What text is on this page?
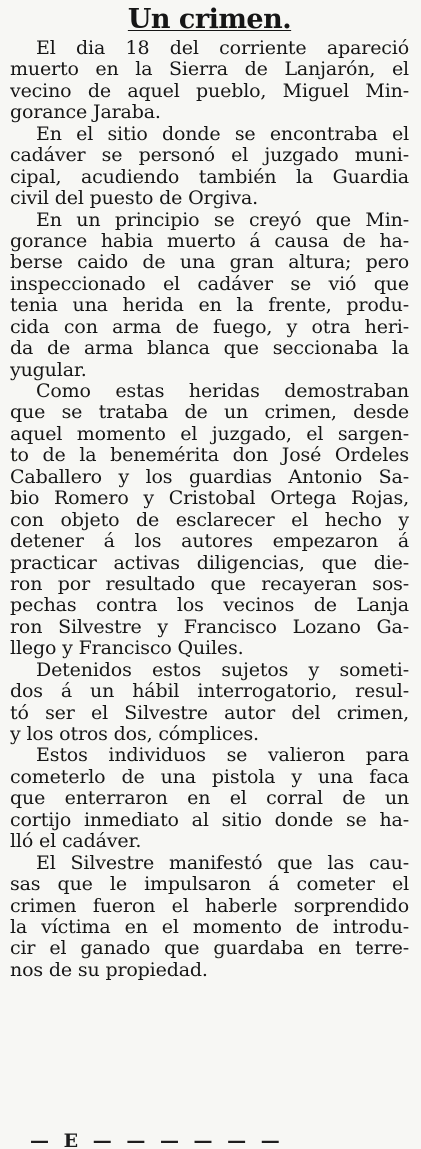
Un crimen.
El dia 18 del corriente apareció
muerto en la Sierra de Lanjarón, el
vecino de aquel pueblo, Miguel Min-
gorance Jaraba.
En el sitio donde se encontraba el
cadáver se personó el juzgado muni-
cipal, acudiendo también la Guardia
civil del puesto de Orgiva.
En un principio se creyó que Min-
gorance habia muerto á causa de ha-
berse caido de una gran altura; pero
inspeccionado el cadáver se vió que
tenia una herida en la frente, produ-
cida con arma de fuego, y otra heri-
da de arma blanca que seccionaba la
yugular.
Como estas heridas demostraban
que se trataba de un crimen, desde
aquel momento el juzgado, el sargen-
to de la benemérita don José Ordeles
Caballero y los guardias Antonio Sa-
bio Romero y Cristobal Ortega Rojas,
con objeto de esclarecer el hecho y
detener á los autores empezaron á
practicar activas diligencias, que die-
ron por resultado que recayeran sos-
pechas contra los vecinos de Lanja
ron Silvestre y Francisco Lozano Ga-
llego y Francisco Quiles.
Detenidos estos sujetos y someti-
dos á un hábil interrogatorio, resul-
tó ser el Silvestre autor del crimen,
y los otros dos, cómplices.
Estos individuos se valieron para
cometerlo de una pistola y una faca
que enterraron en el corral de un
cortijo inmediato al sitio donde se ha-
lló el cadáver.
El Silvestre manifestó que las cau-
sas que le impulsaron á cometer el
crimen fueron el haberle sorprendido
la víctima en el momento de introdu-
cir el ganado que guardaba en terre-
nos de su propiedad.
— E — — — — — —
